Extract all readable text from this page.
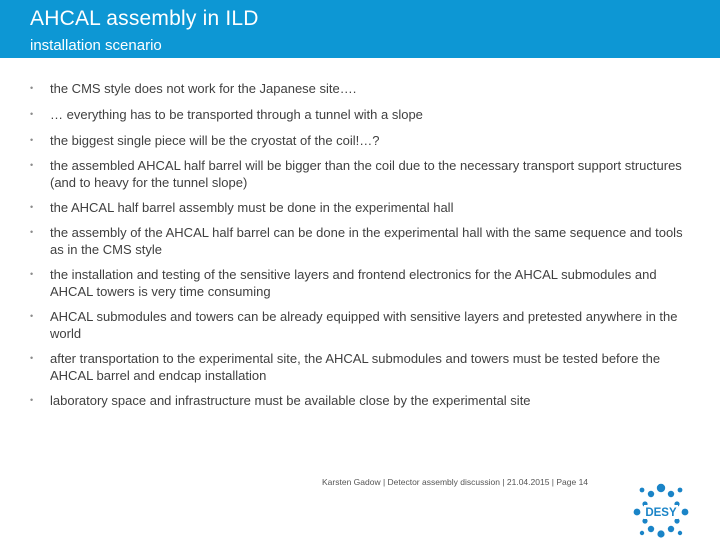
AHCAL assembly in ILD
installation scenario
• the CMS style does not work for the Japanese site….
• … everything has to be transported through a tunnel with a slope
• the biggest single piece will be the cryostat of the coil!…?
• the assembled AHCAL half barrel will be bigger than the coil due to the necessary transport support structures (and to heavy for the tunnel slope)
• the AHCAL half barrel assembly must be done in the experimental hall
• the assembly of the AHCAL half barrel can be done in the experimental hall with the same sequence and tools as in the CMS style
• the installation and testing of the sensitive layers and frontend electronics for the AHCAL submodules and AHCAL towers is very time consuming
• AHCAL submodules and towers can be already equipped with sensitive layers and pretested anywhere in the world
• after transportation to the experimental site, the AHCAL submodules and towers must be tested before the AHCAL barrel and endcap installation
• laboratory space and infrastructure must be available close by the experimental site
Karsten Gadow | Detector assembly discussion | 21.04.2015 | Page 14
DESY
